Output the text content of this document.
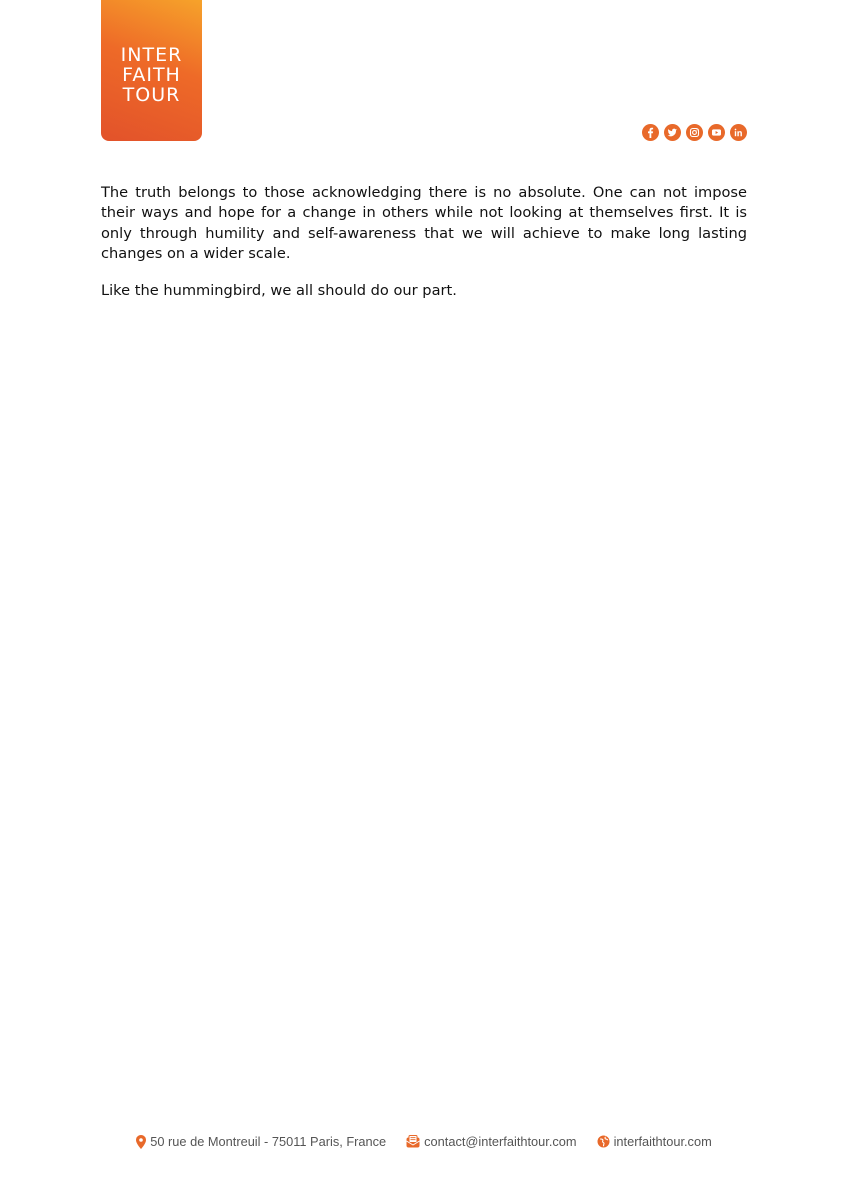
INTER
FAITH
TOUR

The truth belongs to those acknowledging there is no absolute. One can not impose their ways and hope for a change in others while not looking at themselves first. It is only through humility and self-awareness that we will achieve to make long lasting changes on a wider scale.

Like the hummingbird, we all should do our part.

50 rue de Montreuil - 75011 Paris, France	contact@interfaithtour.com	interfaithtour.com
